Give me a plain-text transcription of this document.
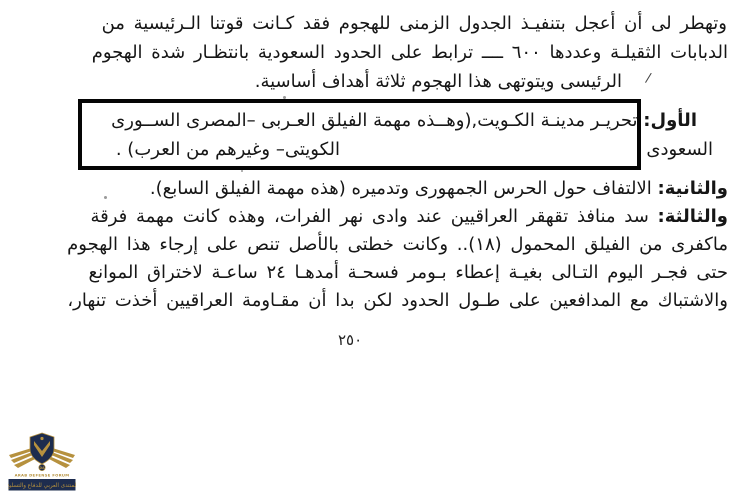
وتهطر لى أن أعجل بتنفيـذ الجدول الزمنى للهجوم فقد كـانت قوتنا الـرئيسية من
الدبابات الثقيلـة وعددها ٦٠٠ ــــ ترابط على الحدود السعودية بانتظـار شدة الهجوم
الرئيسى ويتوتهى هذا الهجوم ثلاثة أهداف أساسية. /
الأول: تحريـر مدينـة الكـويت,(وهــذه مهمة الفيلق العـربى –المصرى الســورى
السعودى
الكويتى– وغيرهم من العرب) .
والثانية: الالتفاف حول الحرس الجمهورى وتدميره (هذه مهمة الفيلق السابع).
والثالثة: سد منافذ تقهقر العراقيين عند وادى نهر الفرات، وهذه كانت مهمة فرقة
ماكفرى من الفيلق المحمول (١٨).. وكانت خطتى بالأصل تنص على إرجاء هذا الهجوم
حتى فجـر اليوم التـالى بغيـة إعطاء بـومر فسحـة أمدهـا ٢٤ ساعـة لاختراق الموانع
والاشتباك مع المدافعين على طـول الحدود لكن بدا أن مقـاومة العراقيين أخذت تنهار،
٢٥٠
DA
ARAB DEFENSE FORUM
المنتدى العربي للدفاع والتسليح
